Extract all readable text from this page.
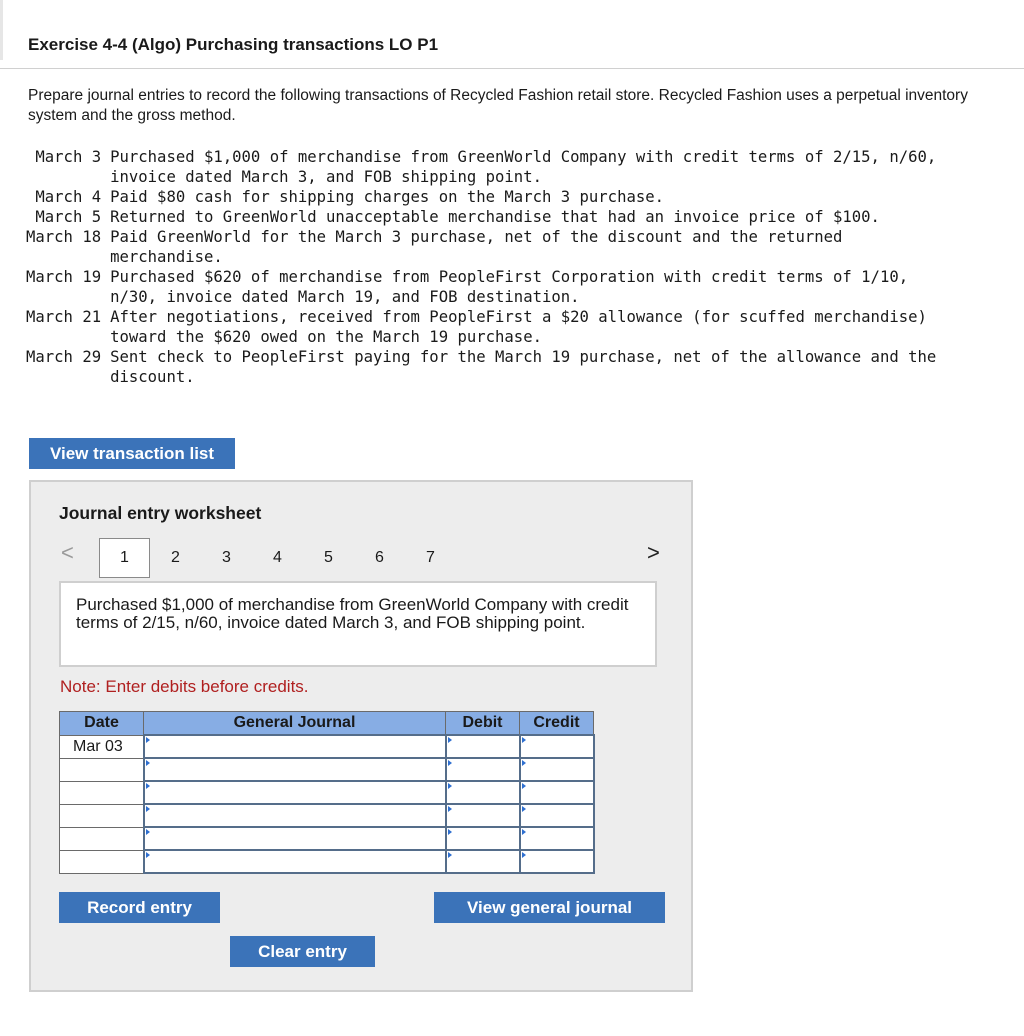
Exercise 4-4 (Algo) Purchasing transactions LO P1
Prepare journal entries to record the following transactions of Recycled Fashion retail store. Recycled Fashion uses a perpetual inventory system and the gross method.
March 3	Purchased $1,000 of merchandise from GreenWorld Company with credit terms of 2/15, n/60, invoice dated March 3, and FOB shipping point.
March 4	Paid $80 cash for shipping charges on the March 3 purchase.
March 5	Returned to GreenWorld unacceptable merchandise that had an invoice price of $100.
March 18	Paid GreenWorld for the March 3 purchase, net of the discount and the returned merchandise.
March 19	Purchased $620 of merchandise from PeopleFirst Corporation with credit terms of 1/10, n/30, invoice dated March 19, and FOB destination.
March 21	After negotiations, received from PeopleFirst a $20 allowance (for scuffed merchandise) toward the $620 owed on the March 19 purchase.
March 29	Sent check to PeopleFirst paying for the March 19 purchase, net of the allowance and the discount.
View transaction list
Journal entry worksheet
<	1	2	3	4	5	6	7	>
Purchased $1,000 of merchandise from GreenWorld Company with credit terms of 2/15, n/60, invoice dated March 3, and FOB shipping point.
Note: Enter debits before credits.
Date	General Journal	Debit	Credit
Mar 03			

Record entry
Clear entry
View general journal
